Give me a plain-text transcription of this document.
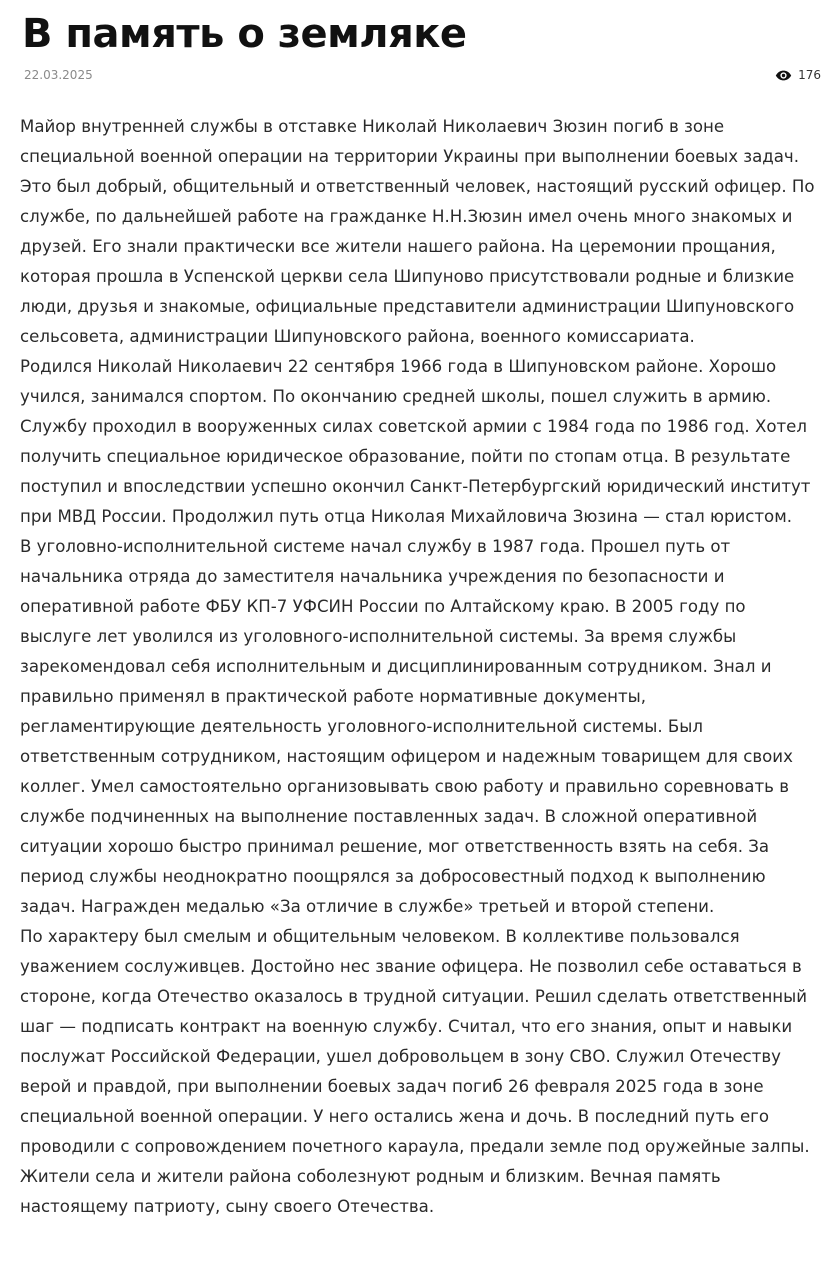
В память о земляке
22.03.2025	176

Майор внутренней службы в отставке Николай Николаевич Зюзин погиб в зоне специальной военной операции на территории Украины при выполнении боевых задач. Это был добрый, общительный и ответственный человек, настоящий русский офицер. По службе, по дальнейшей работе на гражданке Н.Н.Зюзин имел очень много знакомых и друзей. Его знали практически все жители нашего района. На церемонии прощания, которая прошла в Успенской церкви села Шипуново присутствовали родные и близкие люди, друзья и знакомые, официальные представители администрации Шипуновского сельсовета, администрации Шипуновского района, военного комиссариата.

Родился Николай Николаевич 22 сентября 1966 года в Шипуновском районе. Хорошо учился, занимался спортом. По окончанию средней школы, пошел служить в армию. Службу проходил в вооруженных силах советской армии с 1984 года по 1986 год. Хотел получить специальное юридическое образование, пойти по стопам отца. В результате поступил и впоследствии успешно окончил Санкт-Петербургский юридический институт при МВД России. Продолжил путь отца Николая Михайловича Зюзина — стал юристом.

В уголовно-исполнительной системе начал службу в 1987 года. Прошел путь от начальника отряда до заместителя начальника учреждения по безопасности и оперативной работе ФБУ КП-7 УФСИН России по Алтайскому краю. В 2005 году по выслуге лет уволился из уголовного-исполнительной системы. За время службы зарекомендовал себя исполнительным и дисциплинированным сотрудником. Знал и правильно применял в практической работе нормативные документы, регламентирующие деятельность уголовного-исполнительной системы. Был ответственным сотрудником, настоящим офицером и надежным товарищем для своих коллег. Умел самостоятельно организовывать свою работу и правильно соревновать в службе подчиненных на выполнение поставленных задач. В сложной оперативной ситуации хорошо быстро принимал решение, мог ответственность взять на себя. За период службы неоднократно поощрялся за добросовестный подход к выполнению задач. Награжден медалью «За отличие в службе» третьей и второй степени.

По характеру был смелым и общительным человеком. В коллективе пользовался уважением сослуживцев. Достойно нес звание офицера. Не позволил себе оставаться в стороне, когда Отечество оказалось в трудной ситуации. Решил сделать ответственный шаг — подписать контракт на военную службу. Считал, что его знания, опыт и навыки послужат Российской Федерации, ушел добровольцем в зону СВО. Служил Отечеству верой и правдой, при выполнении боевых задач погиб 26 февраля 2025 года в зоне специальной военной операции. У него остались жена и дочь. В последний путь его проводили с сопровождением почетного караула, предали земле под оружейные залпы. Жители села и жители района соболезнуют родным и близким. Вечная память настоящему патриоту, сыну своего Отечества.
